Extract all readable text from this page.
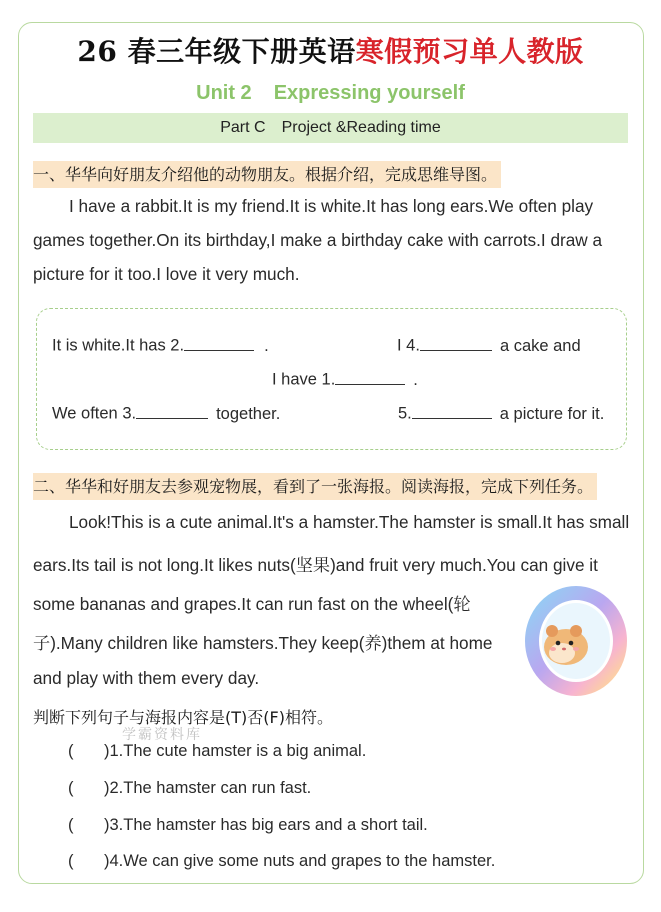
26 春三年级下册英语寒假预习单人教版
Unit 2 Expressing yourself
Part C Project &Reading time
一、华华向好朋友介绍他的动物朋友。根据介绍，完成思维导图。
I have a rabbit.It is my friend.It is white.It has long ears.We often play
games together.On its birthday,I make a birthday cake with carrots.I draw a
picture for it too.I love it very much.
It is white.It has 2.	.	I 4.	a cake and
I have 1.	.
We often 3.	together.	5.	a picture for it.
二、华华和好朋友去参观宠物展，看到了一张海报。阅读海报，完成下列任务。
Look!This is a cute animal.It's a hamster.The hamster is small.It has small
ears.Its tail is not long.It likes nuts(坚果)and fruit very much.You can give it
some bananas and grapes.It can run fast on the wheel(轮
子).Many children like hamsters.They keep(养)them at home
and play with them every day.
判断下列句子与海报内容是(T)否(F)相符。
学霸资料库
( )1.The cute hamster is a big animal.
( )2.The hamster can run fast.
( )3.The hamster has big ears and a short tail.
( )4.We can give some nuts and grapes to the hamster.
